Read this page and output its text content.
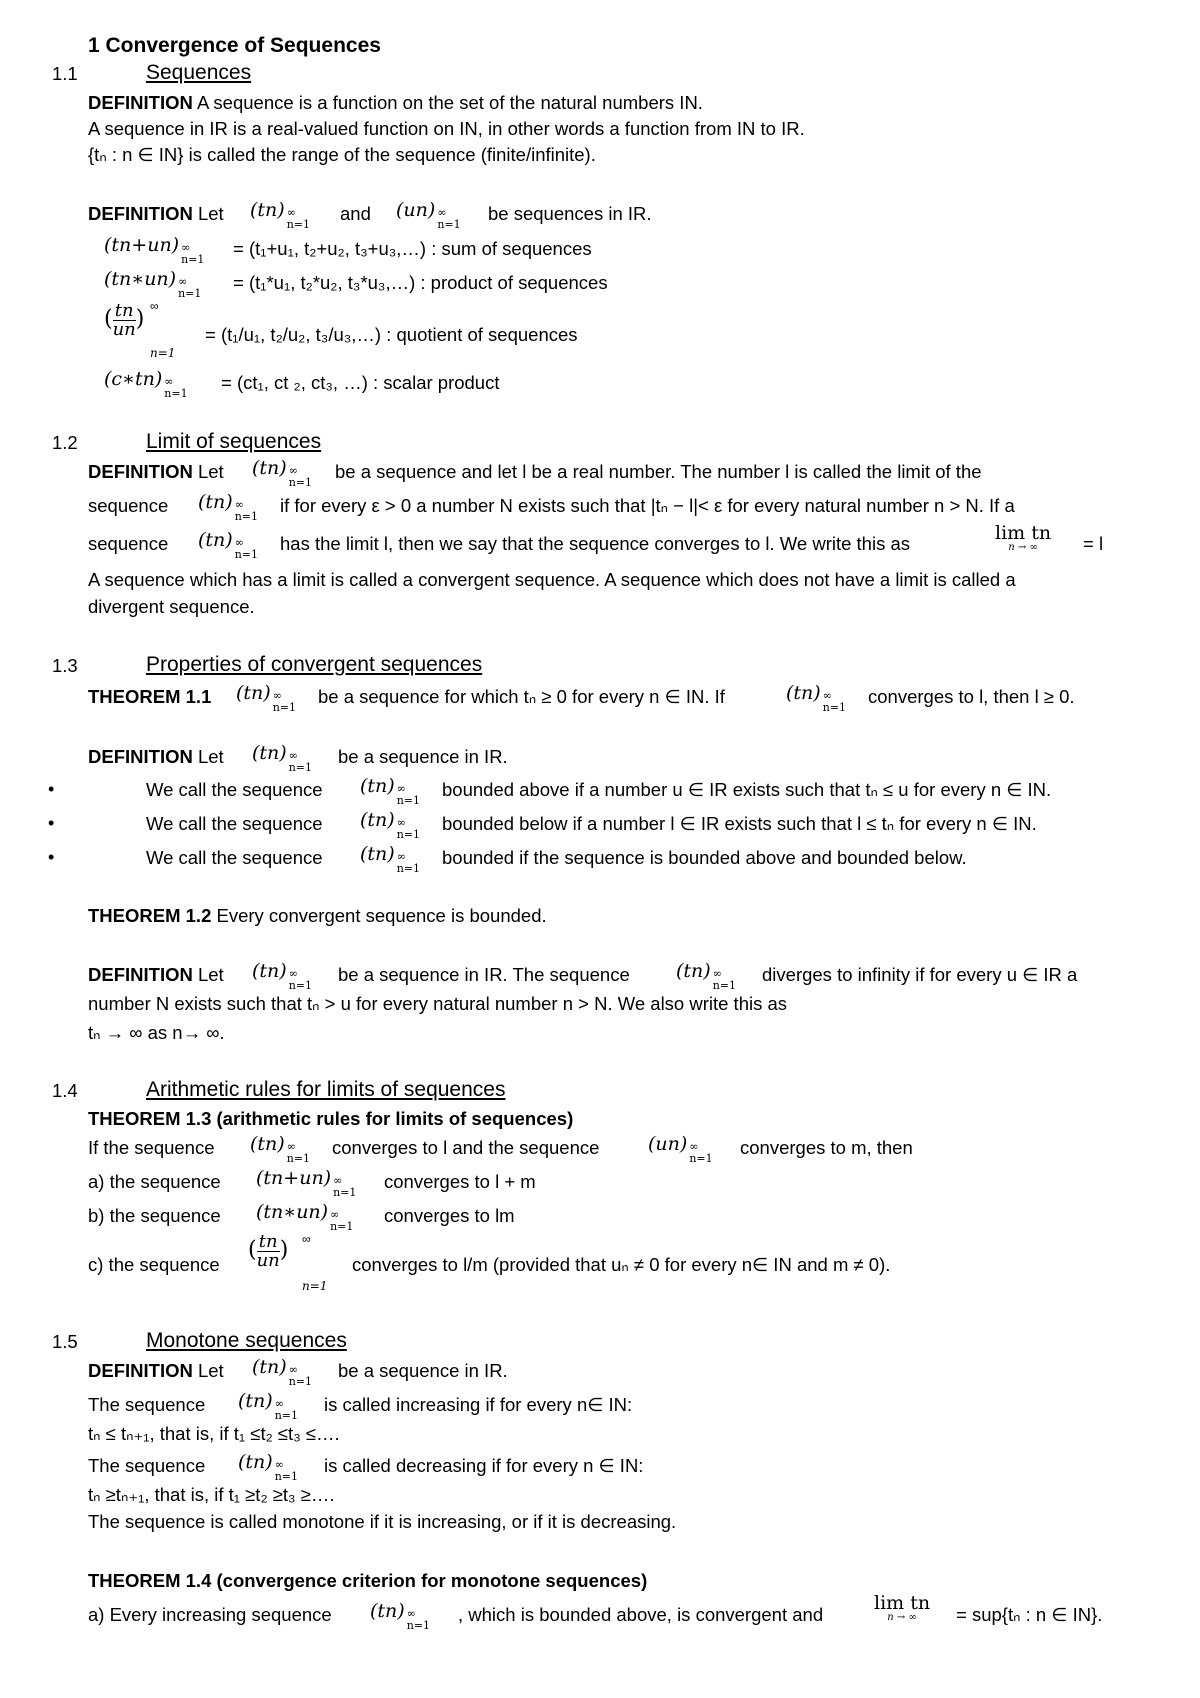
1 Convergence of Sequences
1.1	Sequences
DEFINITION A sequence is a function on the set of the natural numbers IN.
A sequence in IR is a real-valued function on IN, in other words a function from IN to IR.
{tₙ : n ∈ IN} is called the range of the sequence (finite/infinite).
DEFINITION Let (tn) ∞
n=1
and (un) ∞
n=1
be sequences in IR.
(tn+un) ∞
n=1
= (t₁+u₁, t₂+u₂, t₃+u₃,…) : sum of sequences
(tn∗un) ∞
n=1
= (t₁*u₁, t₂*u₂, t₃*u₃,…) : product of sequences
( $\frac{tn}{un}$ )
∞
n=1
= (t₁/u₁, t₂/u₂, t₃/u₃,…) : quotient of sequences
(c∗tn) ∞
n=1
= (ct₁, ct ₂, ct₃, …) : scalar product
1.2	Limit of sequences
DEFINITION Let (tn) ∞
n=1
be a sequence and let l be a real number. The number l is called the limit of the
sequence (tn) ∞
n=1
if for every ε > 0 a number N exists such that |tₙ − l|< ε for every natural number n > N. If a
sequence (tn) ∞
n=1
has the limit l, then we say that the sequence converges to l. We write this as	lim tn
n → ∞	= l
A sequence which has a limit is called a convergent sequence. A sequence which does not have a limit is called a
divergent sequence.
1.3	Properties of convergent sequences
THEOREM 1.1 (tn) ∞
n=1
be a sequence for which tₙ ≥ 0 for every n ∈ IN. If	(tn) ∞
n=1
converges to l, then l ≥ 0.
DEFINITION Let (tn) ∞
n=1
be a sequence in IR.
•	We call the sequence (tn) ∞
n=1
bounded above if a number u ∈ IR exists such that tₙ ≤ u for every n ∈ IN.
•	We call the sequence (tn) ∞
n=1
bounded below if a number l ∈ IR exists such that l ≤ tₙ for every n ∈ IN.
•	We call the sequence (tn) ∞
n=1
bounded if the sequence is bounded above and bounded below.
THEOREM 1.2 Every convergent sequence is bounded.
DEFINITION Let (tn) ∞
n=1
be a sequence in IR. The sequence (tn) ∞
n=1
diverges to infinity if for every u ∈ IR a
number N exists such that tₙ > u for every natural number n > N. We also write this as
tₙ → ∞ as n→ ∞.
1.4	Arithmetic rules for limits of sequences
THEOREM 1.3 (arithmetic rules for limits of sequences)
If the sequence (tn) ∞
n=1
converges to l and the sequence	(un) ∞
n=1
converges to m, then
a) the sequence (tn+un) ∞
n=1
converges to l + m
b) the sequence (tn∗un) ∞
n=1
converges to lm
c) the sequence
( $\frac{tn}{un}$ ) ∞
n=1
converges to l/m (provided that uₙ ≠ 0 for every n∈ IN and m ≠ 0).
1.5	Monotone sequences
DEFINITION Let (tn) ∞
n=1
be a sequence in IR.
The sequence (tn) ∞
n=1
is called increasing if for every n∈ IN:
tₙ ≤ tₙ₊₁, that is, if t₁ ≤t₂ ≤t₃ ≤….
The sequence (tn) ∞
n=1
is called decreasing if for every n ∈ IN:
tₙ ≥tₙ₊₁, that is, if t₁ ≥t₂ ≥t₃ ≥….
The sequence is called monotone if it is increasing, or if it is decreasing.
THEOREM 1.4 (convergence criterion for monotone sequences)
a) Every increasing sequence (tn) ∞
n=1
, which is bounded above, is convergent and
lim tn
n → ∞	= sup{tₙ : n ∈ IN}.
